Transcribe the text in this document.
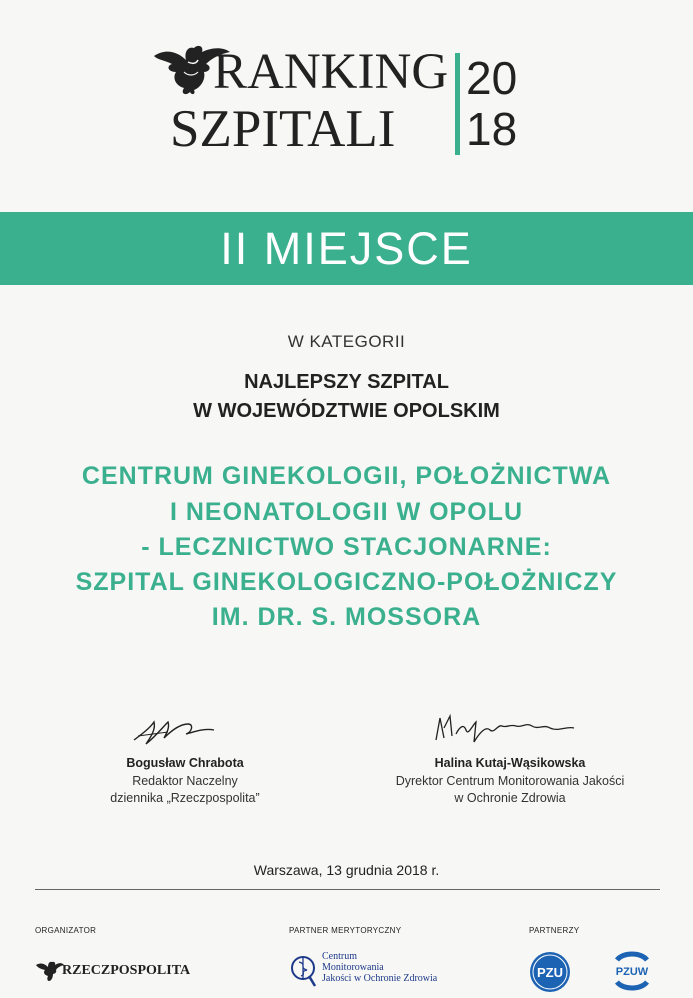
RANKING
SZPITALI
20
18
II MIEJSCE
W KATEGORII
NAJLEPSZY SZPITAL
W WOJEWÓDZTWIE OPOLSKIM
CENTRUM GINEKOLOGII, POŁOŻNICTWA
I NEONATOLOGII W OPOLU
- LECZNICTWO STACJONARNE:
SZPITAL GINEKOLOGICZNO-POŁOŻNICZY
IM. DR. S. MOSSORA
Bogusław Chrabota
Redaktor Naczelny
dziennika „Rzeczpospolita”
Halina Kutaj-Wąsikowska
Dyrektor Centrum Monitorowania Jakości
w Ochronie Zdrowia
Warszawa, 13 grudnia 2018 r.
ORGANIZATOR	PARTNER MERYTORYCZNY	PARTNERZY
RZECZPOSPOLITA
Centrum
Monitorowania
Jakości w Ochronie Zdrowia	PZU	PZUW
